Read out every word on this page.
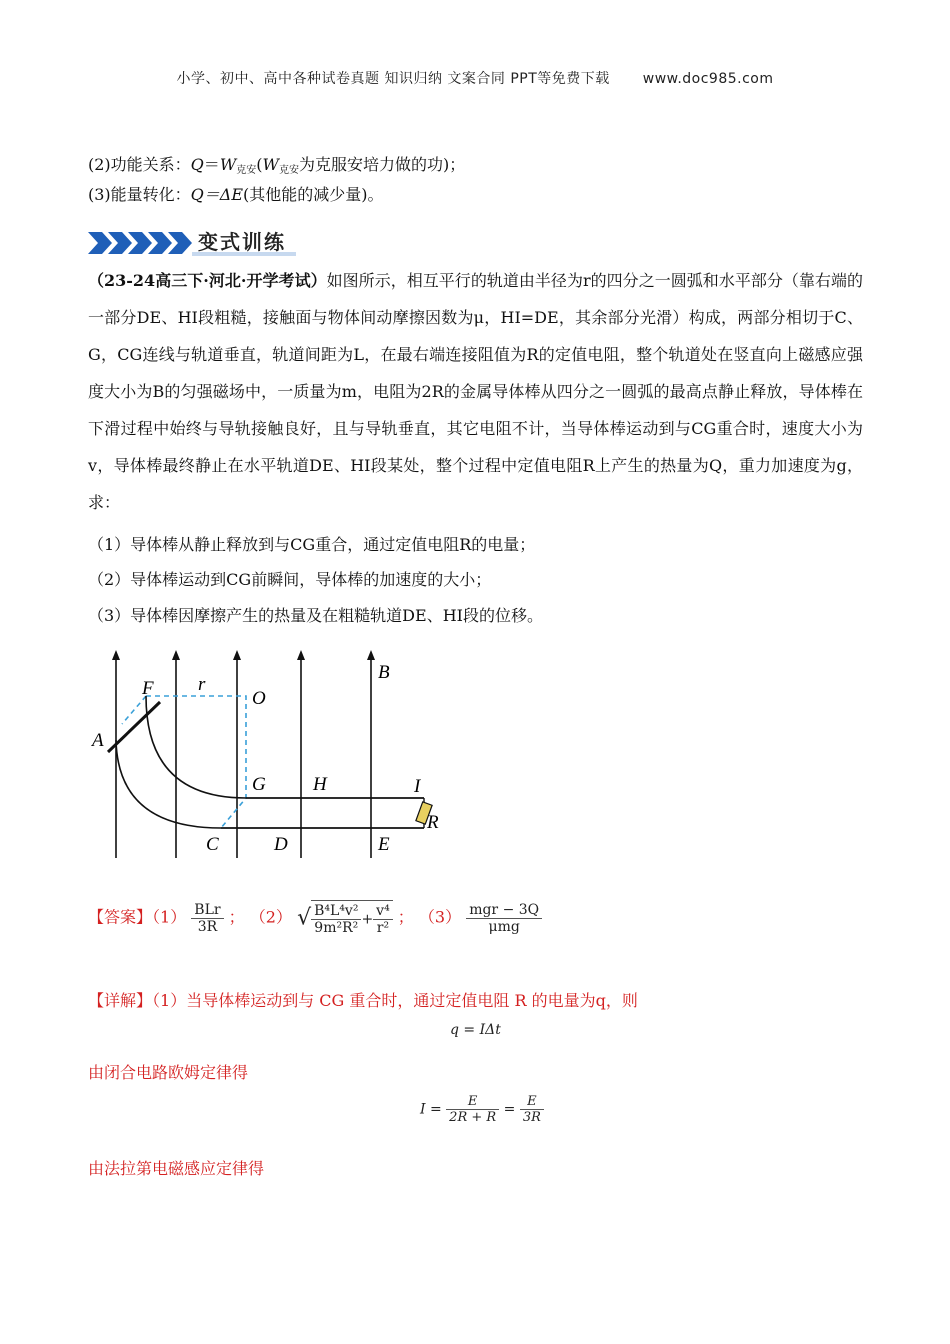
小学、初中、高中各种试卷真题 知识归纳 文案合同 PPT等免费下载 www.doc985.com
(2)功能关系：$Q=W_{克安}(W_{克安}$为克服安培力做的功)；
(3)能量转化：Q＝ΔE(其他能的减少量)。
变式训练
（23-24高三下·河北·开学考试）如图所示，相互平行的轨道由半径为r的四分之一圆弧和水平部分（靠右端的一部分DE、HI段粗糙，接触面与物体间动摩擦因数为μ，HI=DE，其余部分光滑）构成，两部分相切于C、G，CG连线与轨道垂直，轨道间距为L，在最右端连接阻值为R的定值电阻，整个轨道处在竖直向上磁感应强度大小为B的匀强磁场中，一质量为m，电阻为2R的金属导体棒从四分之一圆弧的最高点静止释放，导体棒在下滑过程中始终与导轨接触良好，且与导轨垂直，其它电阻不计，当导体棒运动到与CG重合时，速度大小为v，导体棒最终静止在水平轨道DE、HI段某处，整个过程中定值电阻R上产生的热量为Q，重力加速度为g，求：
（1）导体棒从静止释放到与CG重合，通过定值电阻R的电量；
（2）导体棒运动到CG前瞬间，导体棒的加速度的大小；
（3）导体棒因摩擦产生的热量及在粗糙轨道DE、HI段的位移。
F r
O
A
G H	I
R
C	D	E
B
【答案】$(1) \frac{\text{BLr}}{3R}$ ； （2） √ $\frac{\text{B⁴L⁴v²}}{\text{9m²R²}} + \frac{\text{v⁴}}{\text{r²}}$ ； $(3) \frac{\text{mgr − 3Q}}{\text{μmg}}$
【详解】（1）当导体棒运动到与 CG 重合时，通过定值电阻 R 的电量为q，则
q = IΔt
由闭合电路欧姆定律得
$I = \frac{E}{2R + R} = \frac{E}{3R}$
由法拉第电磁感应定律得
